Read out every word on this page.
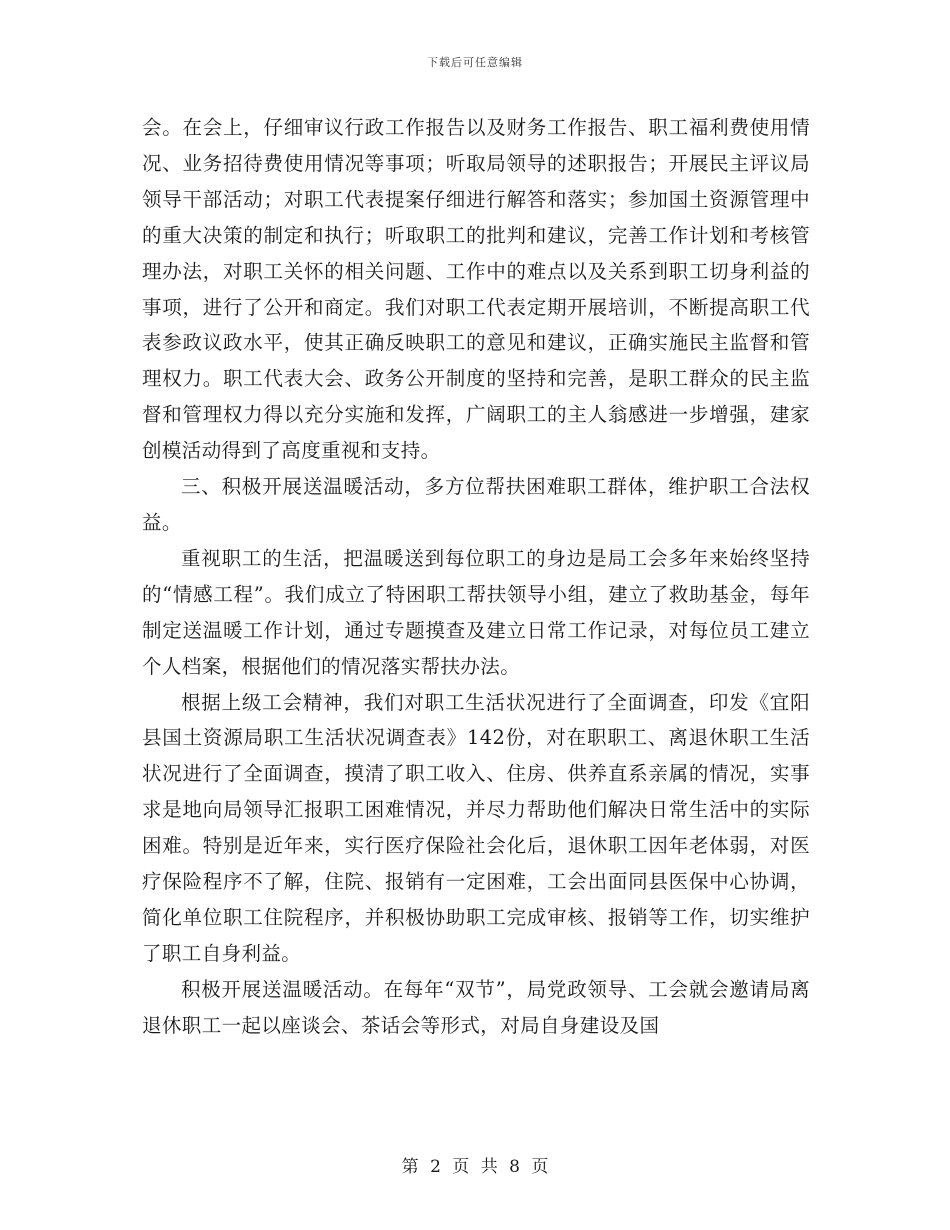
下载后可任意编辑

会。在会上，仔细审议行政工作报告以及财务工作报告、职工福利费使用情况、业务招待费使用情况等事项；听取局领导的述职报告；开展民主评议局领导干部活动；对职工代表提案仔细进行解答和落实；参加国土资源管理中的重大决策的制定和执行；听取职工的批判和建议，完善工作计划和考核管理办法，对职工关怀的相关问题、工作中的难点以及关系到职工切身利益的事项，进行了公开和商定。我们对职工代表定期开展培训，不断提高职工代表参政议政水平，使其正确反映职工的意见和建议，正确实施民主监督和管理权力。职工代表大会、政务公开制度的坚持和完善，是职工群众的民主监督和管理权力得以充分实施和发挥，广阔职工的主人翁感进一步增强，建家创模活动得到了高度重视和支持。

三、积极开展送温暖活动，多方位帮扶困难职工群体，维护职工合法权益。

重视职工的生活，把温暖送到每位职工的身边是局工会多年来始终坚持的“情感工程”。我们成立了特困职工帮扶领导小组，建立了救助基金，每年制定送温暖工作计划，通过专题摸查及建立日常工作记录，对每位员工建立个人档案，根据他们的情况落实帮扶办法。

根据上级工会精神，我们对职工生活状况进行了全面调查，印发《宜阳县国土资源局职工生活状况调查表》142份，对在职职工、离退休职工生活状况进行了全面调查，摸清了职工收入、住房、供养直系亲属的情况，实事求是地向局领导汇报职工困难情况，并尽力帮助他们解决日常生活中的实际困难。特别是近年来，实行医疗保险社会化后，退休职工因年老体弱，对医疗保险程序不了解，住院、报销有一定困难，工会出面同县医保中心协调，简化单位职工住院程序，并积极协助职工完成审核、报销等工作，切实维护了职工自身利益。

积极开展送温暖活动。在每年“双节”，局党政领导、工会就会邀请局离退休职工一起以座谈会、茶话会等形式，对局自身建设及国

第 2 页 共 8 页
